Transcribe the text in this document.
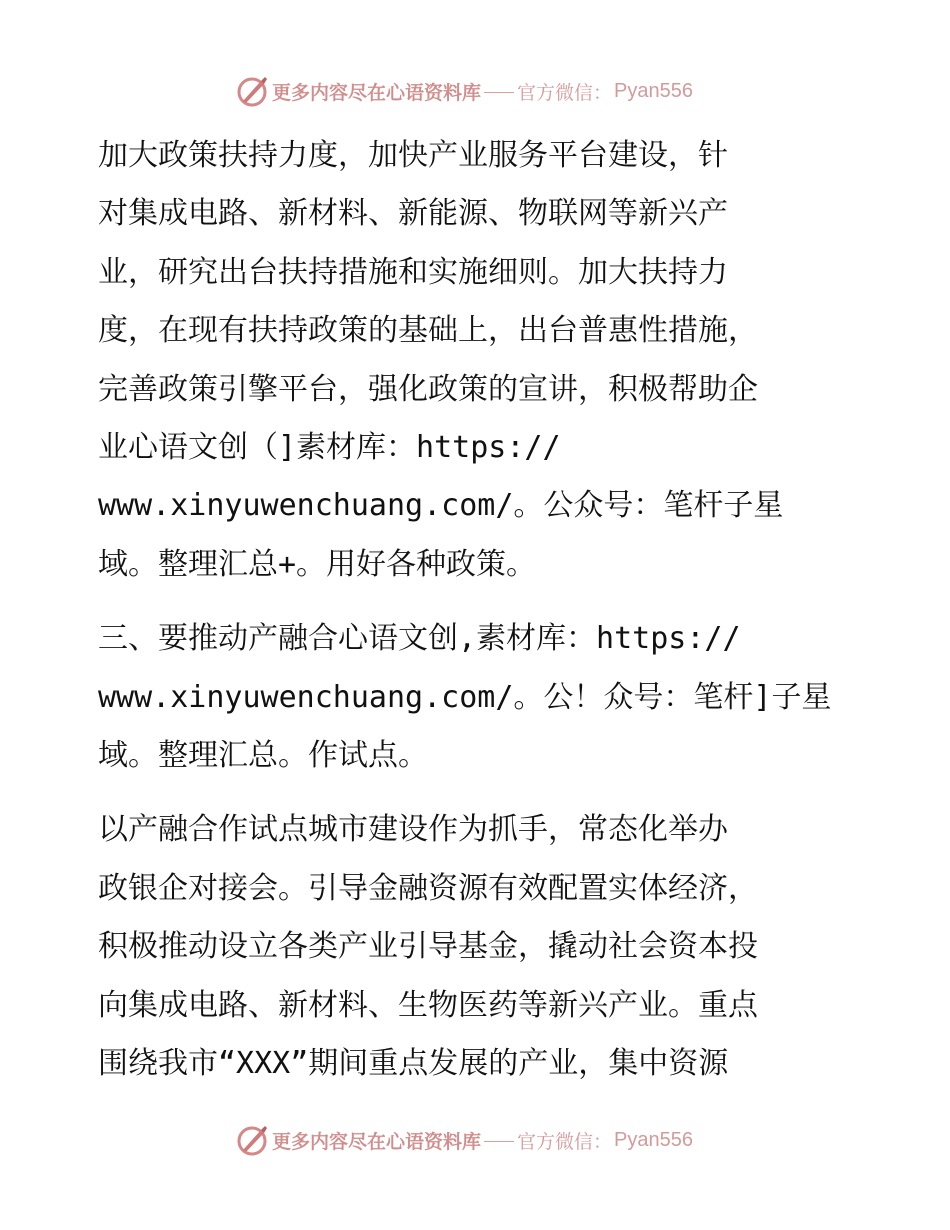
更多内容尽在心语资料库 官方微信： Pyan556

加大政策扶持力度，加快产业服务平台建设，针
对集成电路、新材料、新能源、物联网等新兴产
业，研究出台扶持措施和实施细则。加大扶持力
度，在现有扶持政策的基础上，出台普惠性措施，
完善政策引擎平台，强化政策的宣讲，积极帮助企
业心语文创（]素材库：https://
www.xinyuwenchuang.com/。公众号：笔杆子星
域。整理汇总+。用好各种政策。

三、要推动产融合心语文创,素材库：https://
www.xinyuwenchuang.com/。公！众号：笔杆]子星
域。整理汇总。作试点。

以产融合作试点城市建设作为抓手，常态化举办
政银企对接会。引导金融资源有效配置实体经济，
积极推动设立各类产业引导基金，撬动社会资本投
向集成电路、新材料、生物医药等新兴产业。重点
围绕我市“XXX”期间重点发展的产业，集中资源

更多内容尽在心语资料库 官方微信： Pyan556
